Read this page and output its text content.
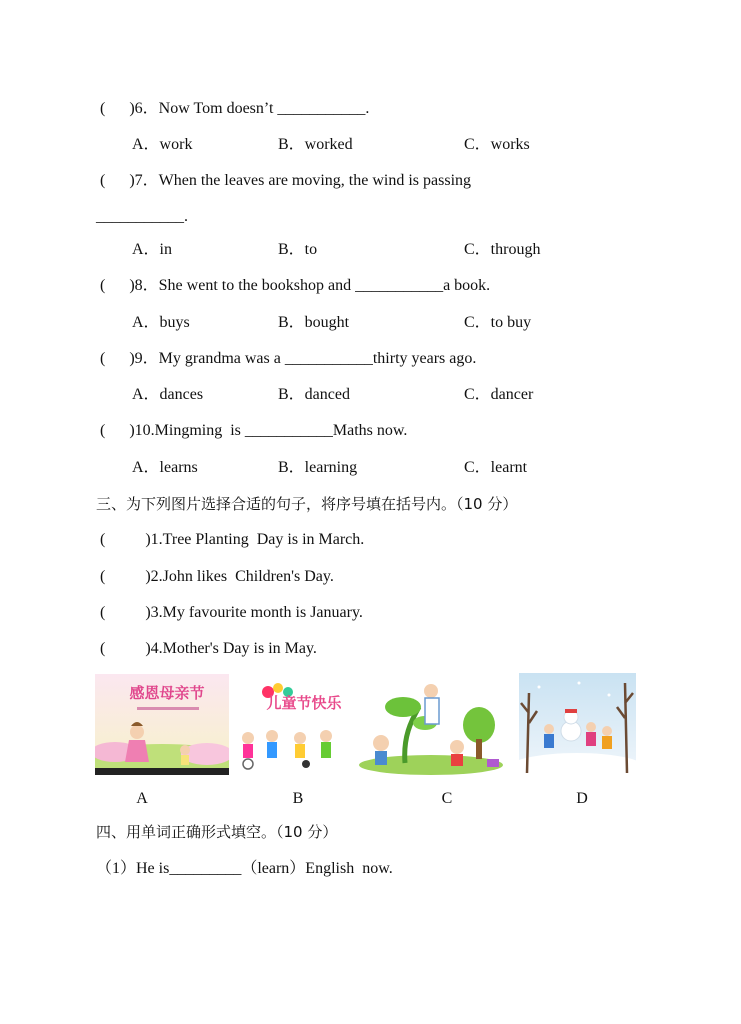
(      )6．Now Tom doesn’t ___________.
A．work	B．worked	C．works
(      )7．When the leaves are moving, the wind is passing
___________.
A．in	B．to	C．through
(      )8．She went to the bookshop and ___________a book.
A．buys	B．bought	C．to buy
(      )9．My grandma was a ___________thirty years ago.
A．dances	B．danced	C．dancer
(      )10.Mingming  is ___________Maths now.
A．learns	B．learning	C．learnt
三、为下列图片选择合适的句子，将序号填在括号内。（10 分）
(          )1.Tree Planting  Day is in March.
(          )2.John likes  Children's Day.
(          )3.My favourite month is January.
(          )4.Mother's Day is in May.
感恩母亲节
A
儿童节快乐
B	C	D
四、用单词正确形式填空。（10 分）
（1）He is_________（learn）English  now.
